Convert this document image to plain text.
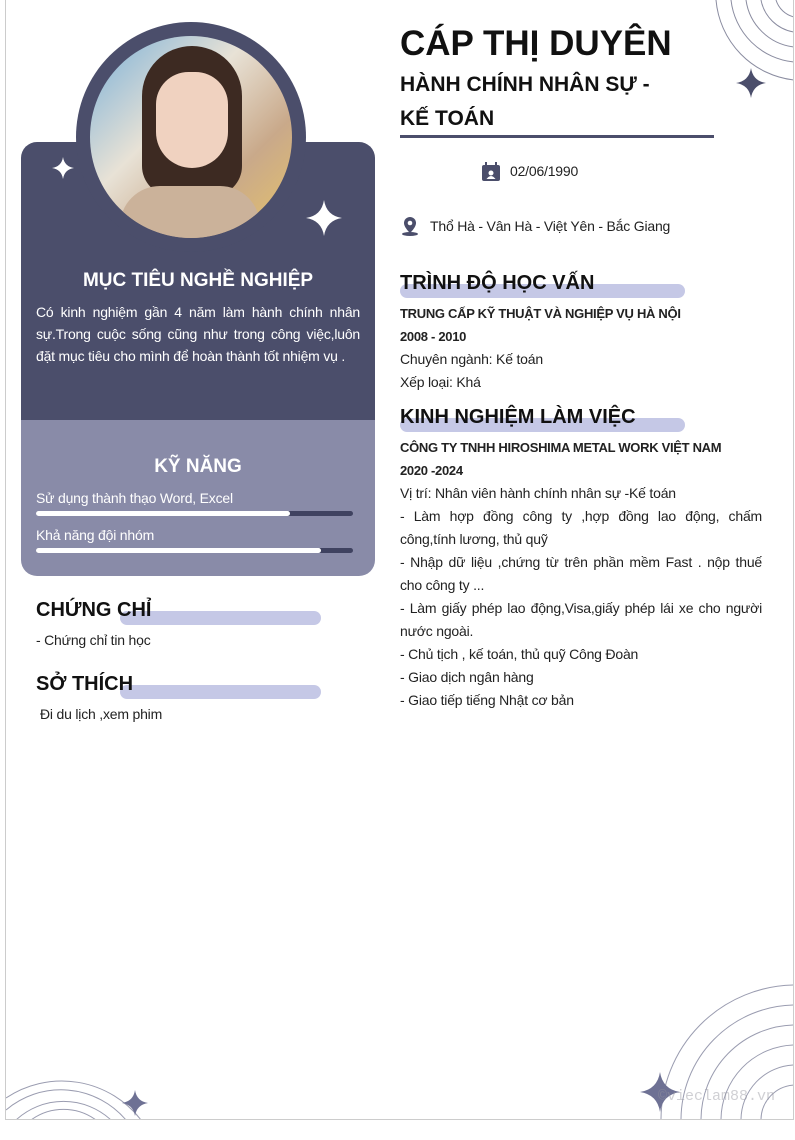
©vieclam88.vn
MỤC TIÊU NGHỀ NGHIỆP
Có kinh nghiệm gần 4 năm làm hành chính nhân sự.Trong cuộc sống cũng như trong công việc,luôn đặt mục tiêu cho mình để hoàn thành tốt nhiệm vụ .
KỸ NĂNG
Sử dụng thành thạo Word, Excel
Khả năng đội nhóm
CHỨNG CHỈ
- Chứng chỉ tin học
SỞ THÍCH
Đi du lịch ,xem phim
CÁP THỊ DUYÊN
HÀNH CHÍNH NHÂN SỰ -
KẾ TOÁN
02/06/1990
Thổ Hà - Vân Hà - Việt Yên - Bắc Giang
TRÌNH ĐỘ HỌC VẤN
TRUNG CẤP KỸ THUẬT VÀ NGHIỆP VỤ HÀ NỘI
2008 - 2010
Chuyên ngành: Kế toán
Xếp loại: Khá
KINH NGHIỆM LÀM VIỆC
CÔNG TY TNHH HIROSHIMA METAL WORK VIỆT NAM
2020 -2024
Vị trí: Nhân viên hành chính nhân sự -Kế toán
- Làm hợp đồng công ty ,hợp đồng lao động, chấm công,tính lương, thủ quỹ
- Nhập dữ liệu ,chứng từ trên phần mềm Fast . nộp thuế cho công ty ...
- Làm giấy phép lao động,Visa,giấy phép lái xe cho người nước ngoài.
- Chủ tịch , kế toán, thủ quỹ Công Đoàn
- Giao dịch ngân hàng
- Giao tiếp tiếng Nhật cơ bản
